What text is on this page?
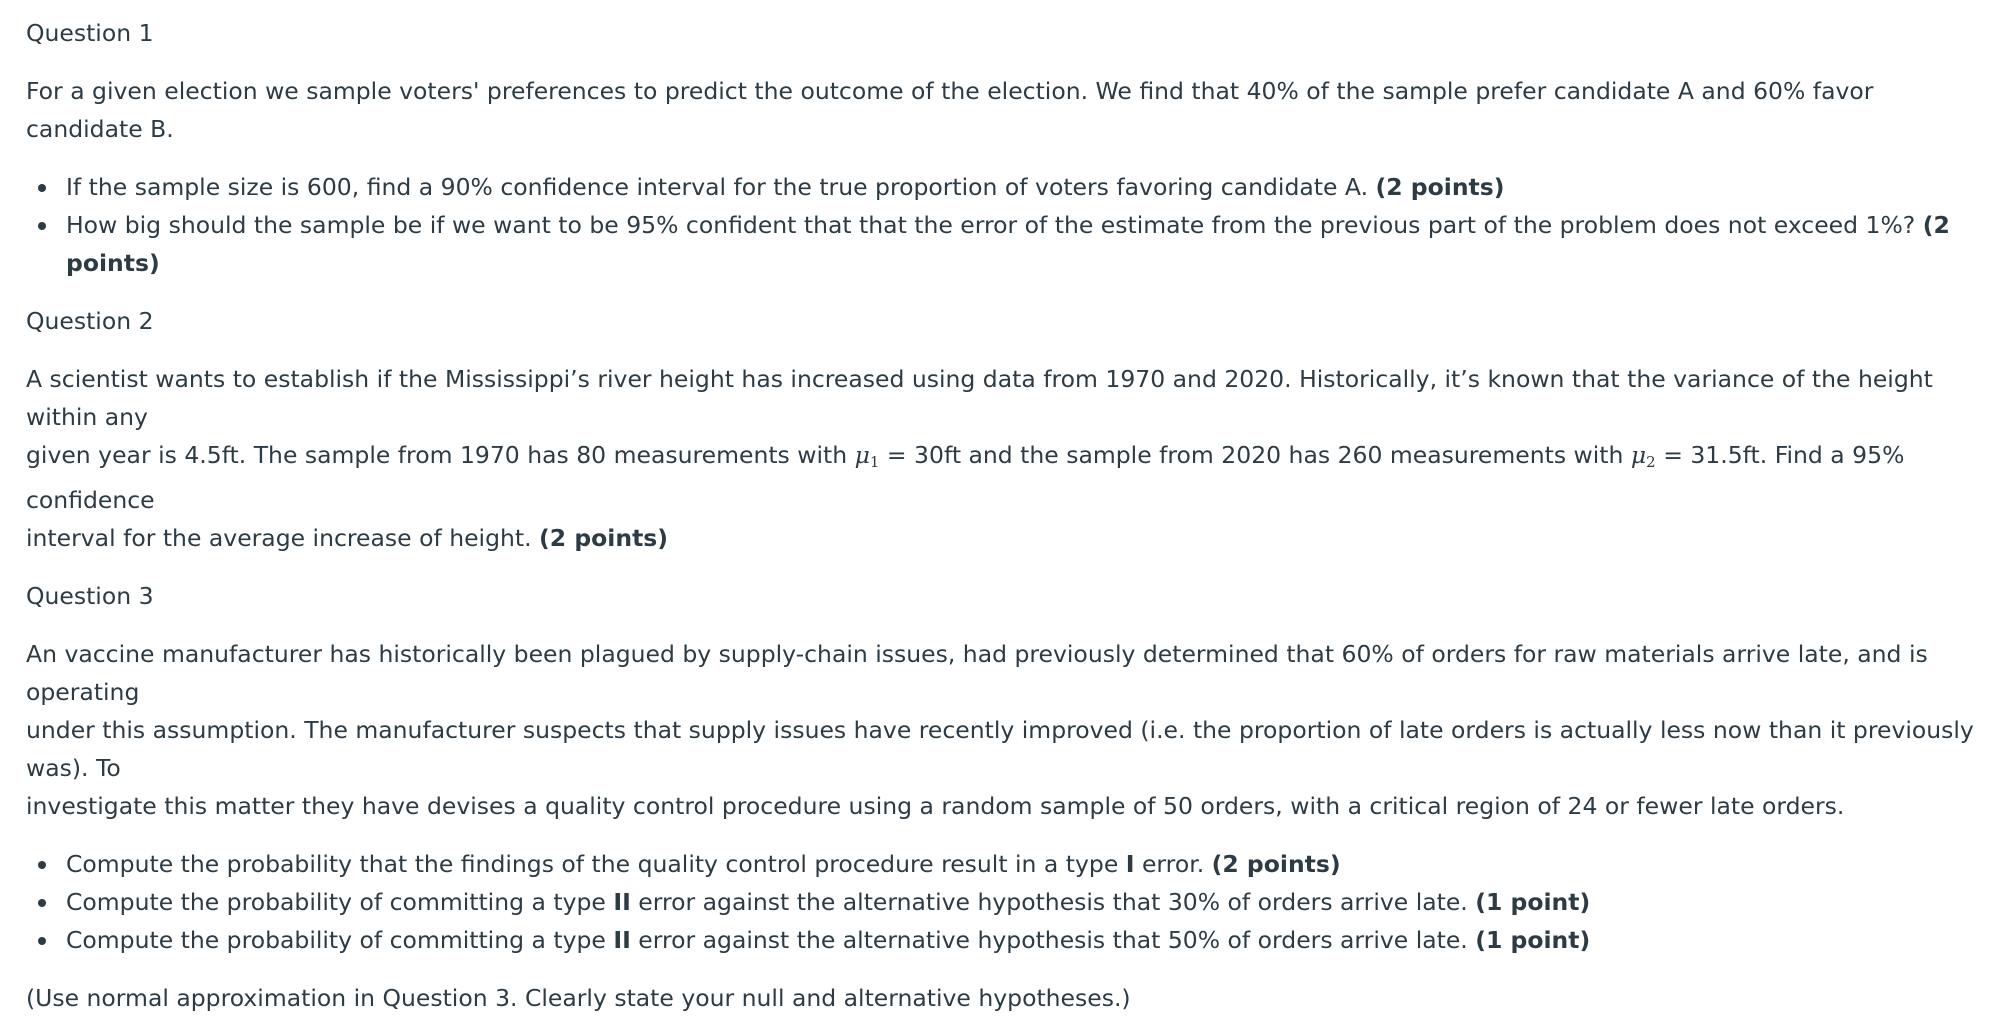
Question 1

For a given election we sample voters' preferences to predict the outcome of the election. We find that 40% of the sample prefer candidate A and 60% favor candidate B.

If the sample size is 600, find a 90% confidence interval for the true proportion of voters favoring candidate A. (2 points)
How big should the sample be if we want to be 95% confident that that the error of the estimate from the previous part of the problem does not exceed 1%? (2 points)

Question 2

A scientist wants to establish if the Mississippi’s river height has increased using data from 1970 and 2020. Historically, it’s known that the variance of the height within any
given year is 4.5ft. The sample from 1970 has 80 measurements with $\mu_1 = 30ft$ and the sample from 2020 has 260 measurements with $\mu_2 = 31.5ft$. Find a 95% confidence
interval for the average increase of height. (2 points)

Question 3

An vaccine manufacturer has historically been plagued by supply-chain issues, had previously determined that 60% of orders for raw materials arrive late, and is operating
under this assumption. The manufacturer suspects that supply issues have recently improved (i.e. the proportion of late orders is actually less now than it previously was). To
investigate this matter they have devises a quality control procedure using a random sample of 50 orders, with a critical region of 24 or fewer late orders.

Compute the probability that the findings of the quality control procedure result in a type I error. (2 points)
Compute the probability of committing a type II error against the alternative hypothesis that 30% of orders arrive late. (1 point)
Compute the probability of committing a type II error against the alternative hypothesis that 50% of orders arrive late. (1 point)

(Use normal approximation in Question 3. Clearly state your null and alternative hypotheses.)
